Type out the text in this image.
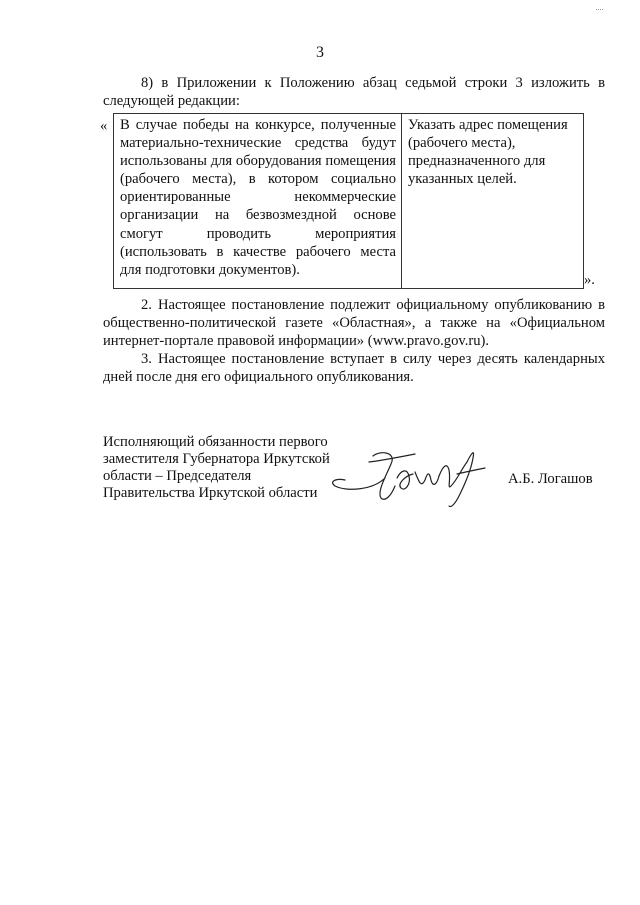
3
8) в Приложении к Положению абзац седьмой строки 3 изложить в следующей редакции:
« В случае победы на конкурсе, полученные материально-технические средства будут использованы для оборудования помещения (рабочего места), в котором социально ориентированные некоммерческие организации на безвозмездной основе смогут проводить мероприятия (использовать в качестве рабочего места для подготовки документов).	Указать адрес помещения (рабочего места), предназначенного для указанных целей.
».
2. Настоящее постановление подлежит официальному опубликованию в общественно-политической газете «Областная», а также на «Официальном интернет-портале правовой информации» (www.pravo.gov.ru).
3. Настоящее постановление вступает в силу через десять календарных дней после дня его официального опубликования.
Исполняющий обязанности первого
заместителя Губернатора Иркутской
области – Председателя
Правительства Иркутской области
А.Б. Логашов
